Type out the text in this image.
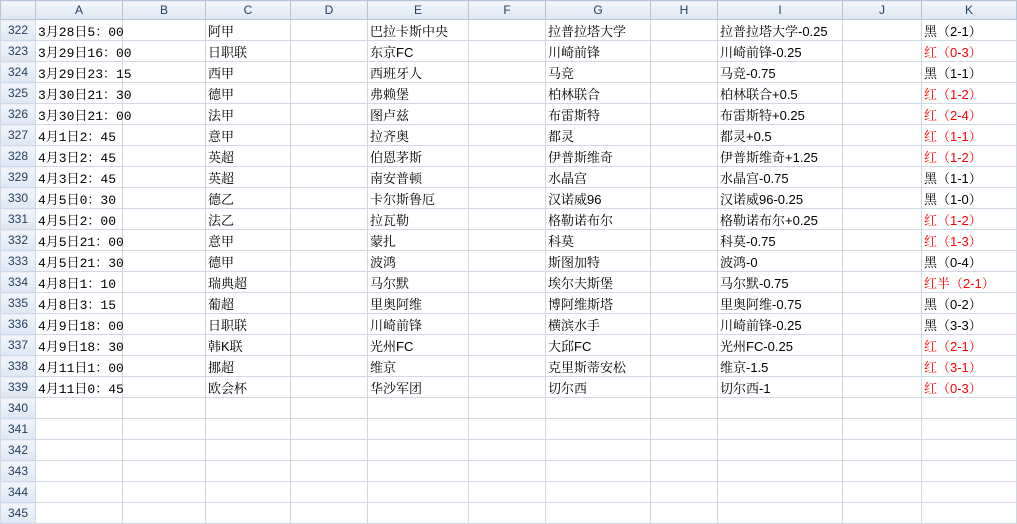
	A	B	C	D	E	F	G	H	I	J	K
322	3月28日5：00		阿甲		巴拉卡斯中央		拉普拉塔大学		拉普拉塔大学-0.25		黑（2-1）
323	3月29日16：00		日职联		东京FC		川崎前锋		川崎前锋-0.25		红（0-3）
324	3月29日23：15		西甲		西班牙人		马竞		马竞-0.75		黑（1-1）
325	3月30日21：30		德甲		弗赖堡		柏林联合		柏林联合+0.5		红（1-2）
326	3月30日21：00		法甲		图卢兹		布雷斯特		布雷斯特+0.25		红（2-4）
327	4月1日2：45		意甲		拉齐奥		都灵		都灵+0.5		红（1-1）
328	4月3日2：45		英超		伯恩茅斯		伊普斯维奇		伊普斯维奇+1.25		红（1-2）
329	4月3日2：45		英超		南安普顿		水晶宫		水晶宫-0.75		黑（1-1）
330	4月5日0：30		德乙		卡尔斯鲁厄		汉诺威96		汉诺威96-0.25		黑（1-0）
331	4月5日2：00		法乙		拉瓦勒		格勒诺布尔		格勒诺布尔+0.25		红（1-2）
332	4月5日21：00		意甲		蒙扎		科莫		科莫-0.75		红（1-3）
333	4月5日21：30		德甲		波鸿		斯图加特		波鸿-0		黑（0-4）
334	4月8日1：10		瑞典超		马尔默		埃尔夫斯堡		马尔默-0.75		红半（2-1）
335	4月8日3：15		葡超		里奥阿维		博阿维斯塔		里奥阿维-0.75		黑（0-2）
336	4月9日18：00		日职联		川崎前锋		横滨水手		川崎前锋-0.25		黑（3-3）
337	4月9日18：30		韩K联		光州FC		大邱FC		光州FC-0.25		红（2-1）
338	4月11日1：00		挪超		维京		克里斯蒂安松		维京-1.5		红（3-1）
339	4月11日0：45		欧会杯		华沙军团		切尔西		切尔西-1		红（0-3）
340											
341											
342											
343											
344											
345											
